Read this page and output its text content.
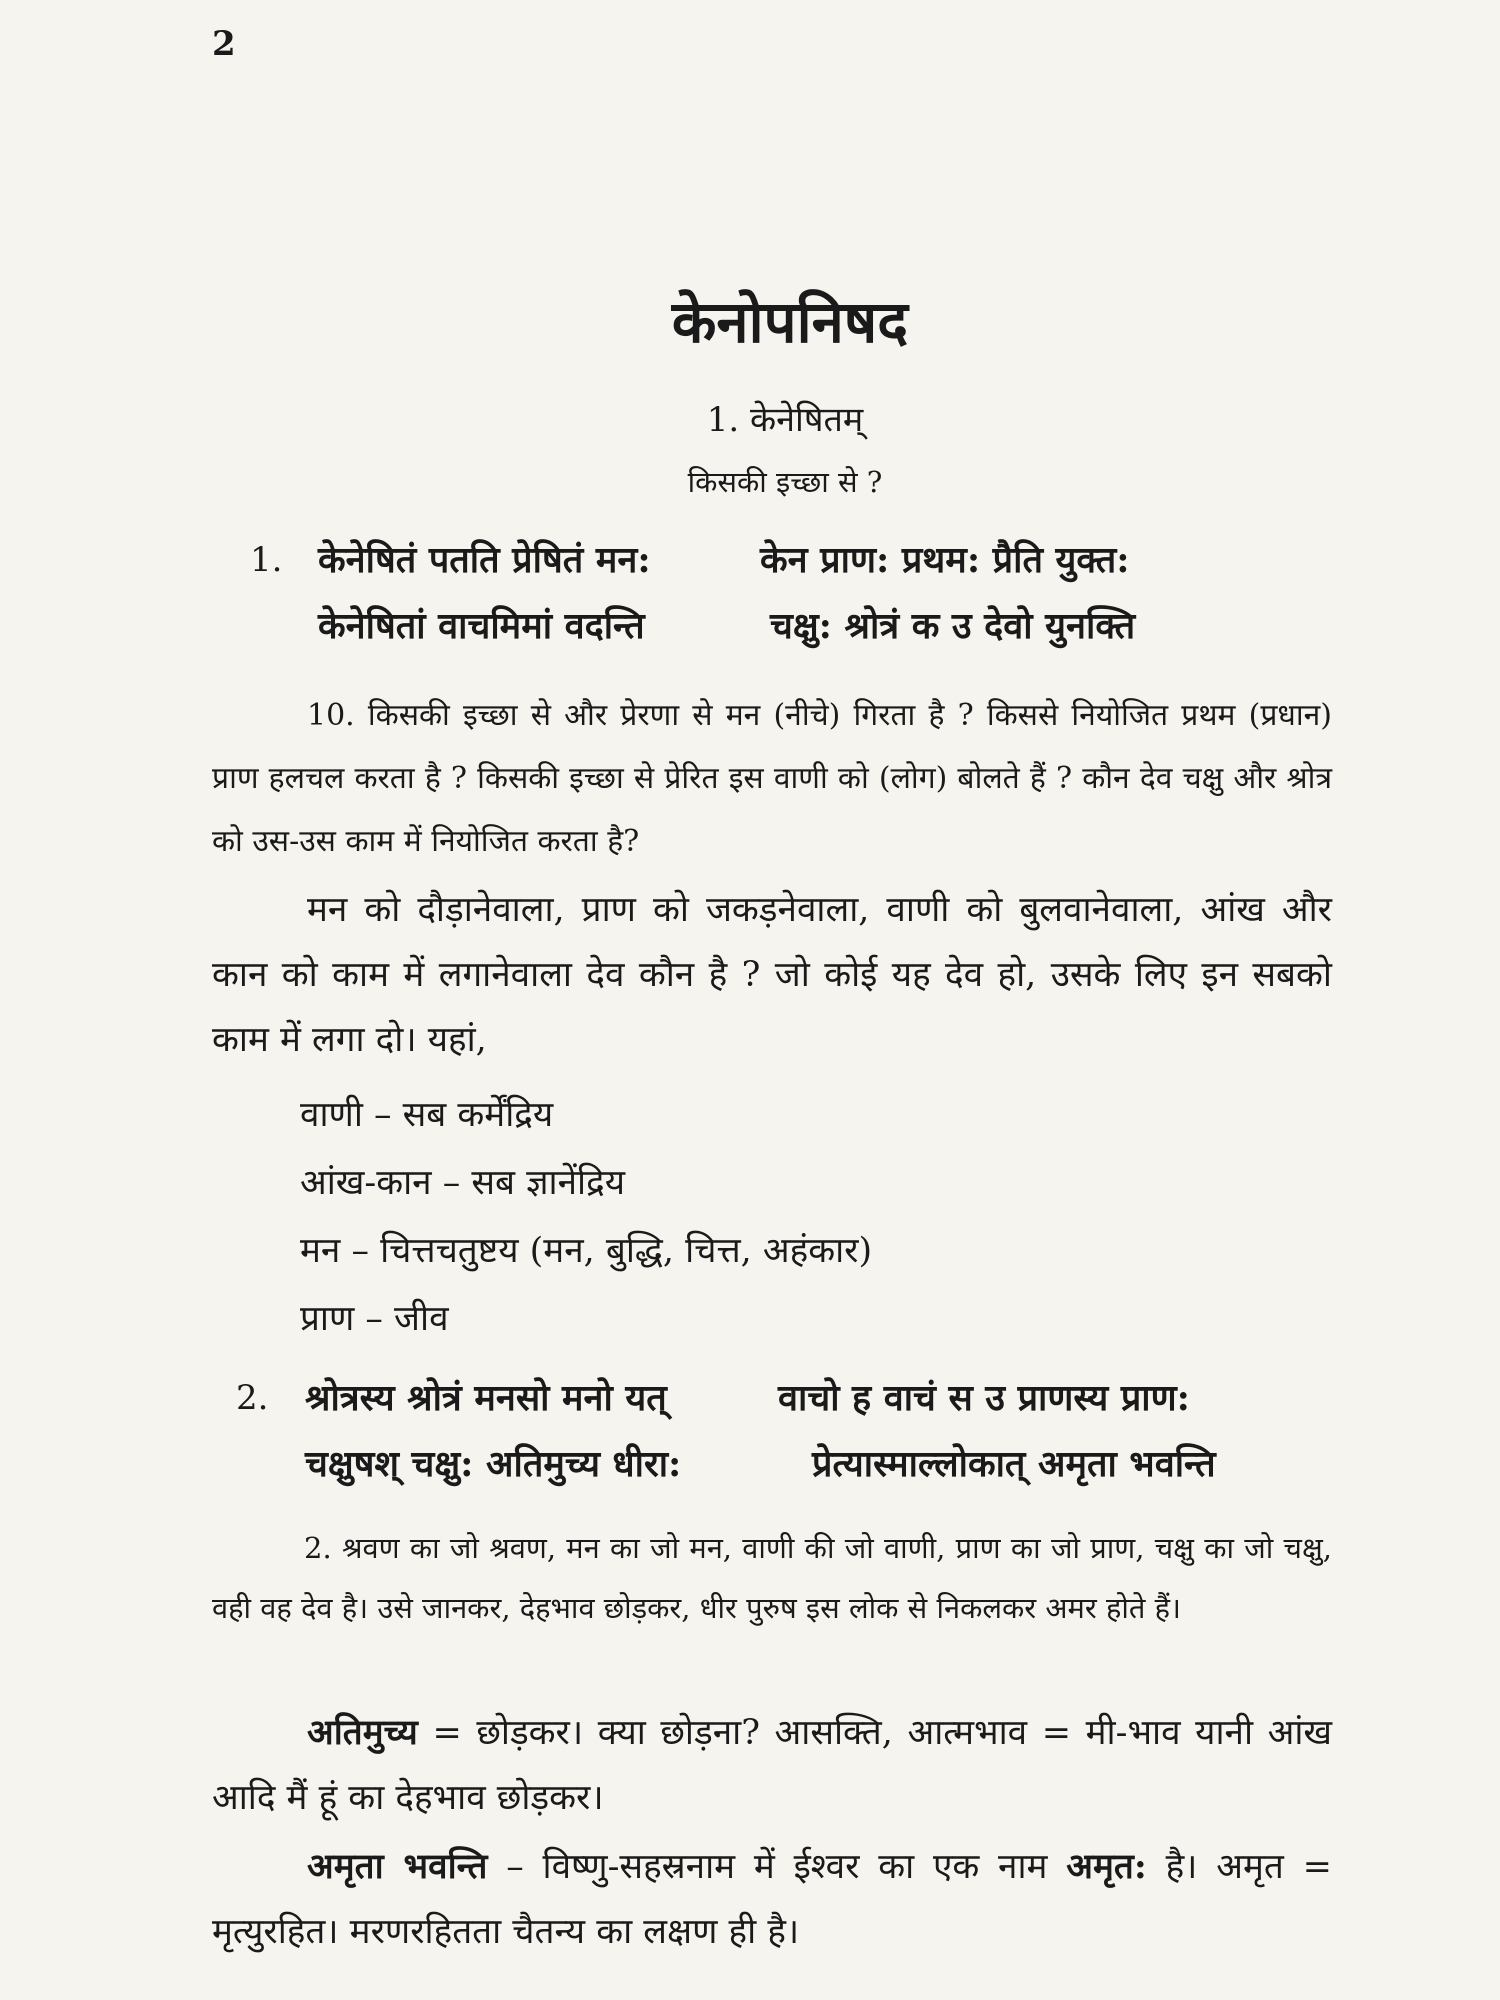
2
केनोपनिषद
1. केनेषितम्
किसकी इच्छा से ?
1. केनेषितं पतति प्रेषितं मन:	केन प्राण: प्रथम: प्रैति युक्त:
केनेषितां वाचमिमां वदन्ति	चक्षु: श्रोत्रं क उ देवो युनक्ति
10. किसकी इच्छा से और प्रेरणा से मन (नीचे) गिरता है ? किससे नियोजित प्रथम (प्रधान) प्राण हलचल करता है ? किसकी इच्छा से प्रेरित इस वाणी को (लोग) बोलते हैं ? कौन देव चक्षु और श्रोत्र को उस-उस काम में नियोजित करता है?
मन को दौड़ानेवाला, प्राण को जकड़नेवाला, वाणी को बुलवानेवाला, आंख और कान को काम में लगानेवाला देव कौन है ? जो कोई यह देव हो, उसके लिए इन सबको काम में लगा दो। यहां,
वाणी – सब कर्मेंद्रिय
आंख-कान – सब ज्ञानेंद्रिय
मन – चित्तचतुष्टय (मन, बुद्धि, चित्त, अहंकार)
प्राण – जीव
2. श्रोत्रस्य श्रोत्रं मनसो मनो यत्	वाचो ह वाचं स उ प्राणस्य प्राण:
चक्षुषश् चक्षु: अतिमुच्य धीरा:	प्रेत्यास्माल्लोकात् अमृता भवन्ति
2. श्रवण का जो श्रवण, मन का जो मन, वाणी की जो वाणी, प्राण का जो प्राण, चक्षु का जो चक्षु, वही वह देव है। उसे जानकर, देहभाव छोड़कर, धीर पुरुष इस लोक से निकलकर अमर होते हैं।
अतिमुच्य = छोड़कर। क्या छोड़ना? आसक्ति, आत्मभाव = मी-भाव यानी आंख आदि मैं हूं का देहभाव छोड़कर।
अमृता भवन्ति – विष्णु-सहस्रनाम में ईश्वर का एक नाम अमृत: है। अमृत = मृत्युरहित। मरणरहितता चैतन्य का लक्षण ही है।
